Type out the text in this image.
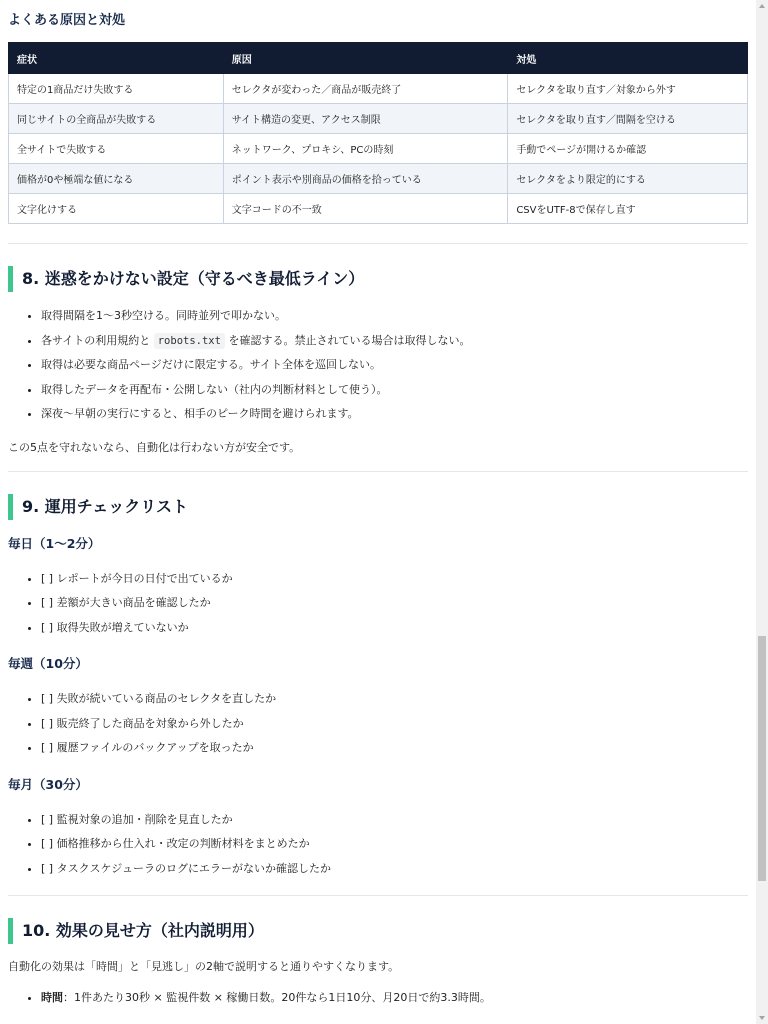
よくある原因と対処
症状	原因	対処
特定の1商品だけ失敗する	セレクタが変わった／商品が販売終了	セレクタを取り直す／対象から外す
同じサイトの全商品が失敗する	サイト構造の変更、アクセス制限	セレクタを取り直す／間隔を空ける
全サイトで失敗する	ネットワーク、プロキシ、PCの時刻	手動でページが開けるか確認
価格が0や極端な値になる	ポイント表示や別商品の価格を拾っている	セレクタをより限定的にする
文字化けする	文字コードの不一致	CSVをUTF-8で保存し直す
8. 迷惑をかけない設定（守るべき最低ライン）
• 取得間隔を1〜3秒空ける。同時並列で叩かない。
• 各サイトの利用規約と robots.txt を確認する。禁止されている場合は取得しない。
• 取得は必要な商品ページだけに限定する。サイト全体を巡回しない。
• 取得したデータを再配布・公開しない（社内の判断材料として使う）。
• 深夜〜早朝の実行にすると、相手のピーク時間を避けられます。

この5点を守れないなら、自動化は行わない方が安全です。

9. 運用チェックリスト
毎日（1〜2分）
• [ ] レポートが今日の日付で出ているか
• [ ] 差額が大きい商品を確認したか
• [ ] 取得失敗が増えていないか
毎週（10分）
• [ ] 失敗が続いている商品のセレクタを直したか
• [ ] 販売終了した商品を対象から外したか
• [ ] 履歴ファイルのバックアップを取ったか
毎月（30分）
• [ ] 監視対象の追加・削除を見直したか
• [ ] 価格推移から仕入れ・改定の判断材料をまとめたか
• [ ] タスクスケジューラのログにエラーがないか確認したか
10. 効果の見せ方（社内説明用）

自動化の効果は「時間」と「見逃し」の2軸で説明すると通りやすくなります。

• 時間：1件あたり30秒 × 監視件数 × 稼働日数。20件なら1日10分、月20日で約3.3時間。
